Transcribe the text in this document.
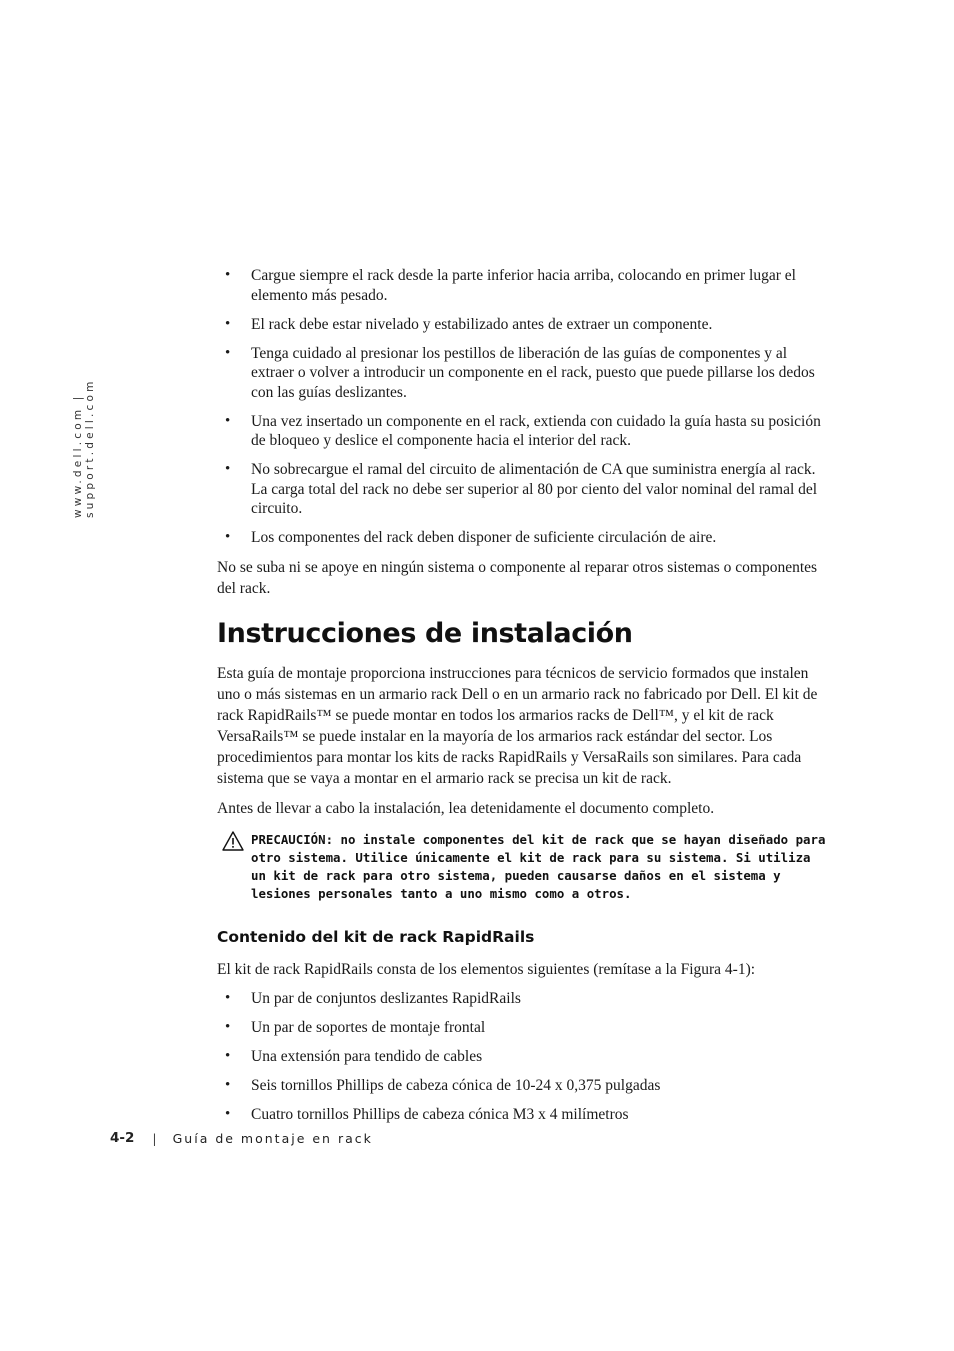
www.dell.com | support.dell.com
• Cargue siempre el rack desde la parte inferior hacia arriba, colocando en primer lugar el elemento más pesado.
• El rack debe estar nivelado y estabilizado antes de extraer un componente.
• Tenga cuidado al presionar los pestillos de liberación de las guías de componentes y al extraer o volver a introducir un componente en el rack, puesto que puede pillarse los dedos con las guías deslizantes.
• Una vez insertado un componente en el rack, extienda con cuidado la guía hasta su posición de bloqueo y deslice el componente hacia el interior del rack.
• No sobrecargue el ramal del circuito de alimentación de CA que suministra energía al rack. La carga total del rack no debe ser superior al 80 por ciento del valor nominal del ramal del circuito.
• Los componentes del rack deben disponer de suficiente circulación de aire.

No se suba ni se apoye en ningún sistema o componente al reparar otros sistemas o componentes del rack.

Instrucciones de instalación

Esta guía de montaje proporciona instrucciones para técnicos de servicio formados que instalen uno o más sistemas en un armario rack Dell o en un armario rack no fabricado por Dell. El kit de rack RapidRails™ se puede montar en todos los armarios racks de Dell™, y el kit de rack VersaRails™ se puede instalar en la mayoría de los armarios rack estándar del sector. Los procedimientos para montar los kits de racks RapidRails y VersaRails son similares. Para cada sistema que se vaya a montar en el armario rack se precisa un kit de rack.

Antes de llevar a cabo la instalación, lea detenidamente el documento completo.

PRECAUCIÓN: no instale componentes del kit de rack que se hayan diseñado para otro sistema. Utilice únicamente el kit de rack para su sistema. Si utiliza un kit de rack para otro sistema, pueden causarse daños en el sistema y lesiones personales tanto a uno mismo como a otros.
Contenido del kit de rack RapidRails

El kit de rack RapidRails consta de los elementos siguientes (remítase a la Figura 4-1):

• Un par de conjuntos deslizantes RapidRails
• Un par de soportes de montaje frontal
• Una extensión para tendido de cables
• Seis tornillos Phillips de cabeza cónica de 10-24 x 0,375 pulgadas
• Cuatro tornillos Phillips de cabeza cónica M3 x 4 milímetros
4-2 | Guía de montaje en rack
